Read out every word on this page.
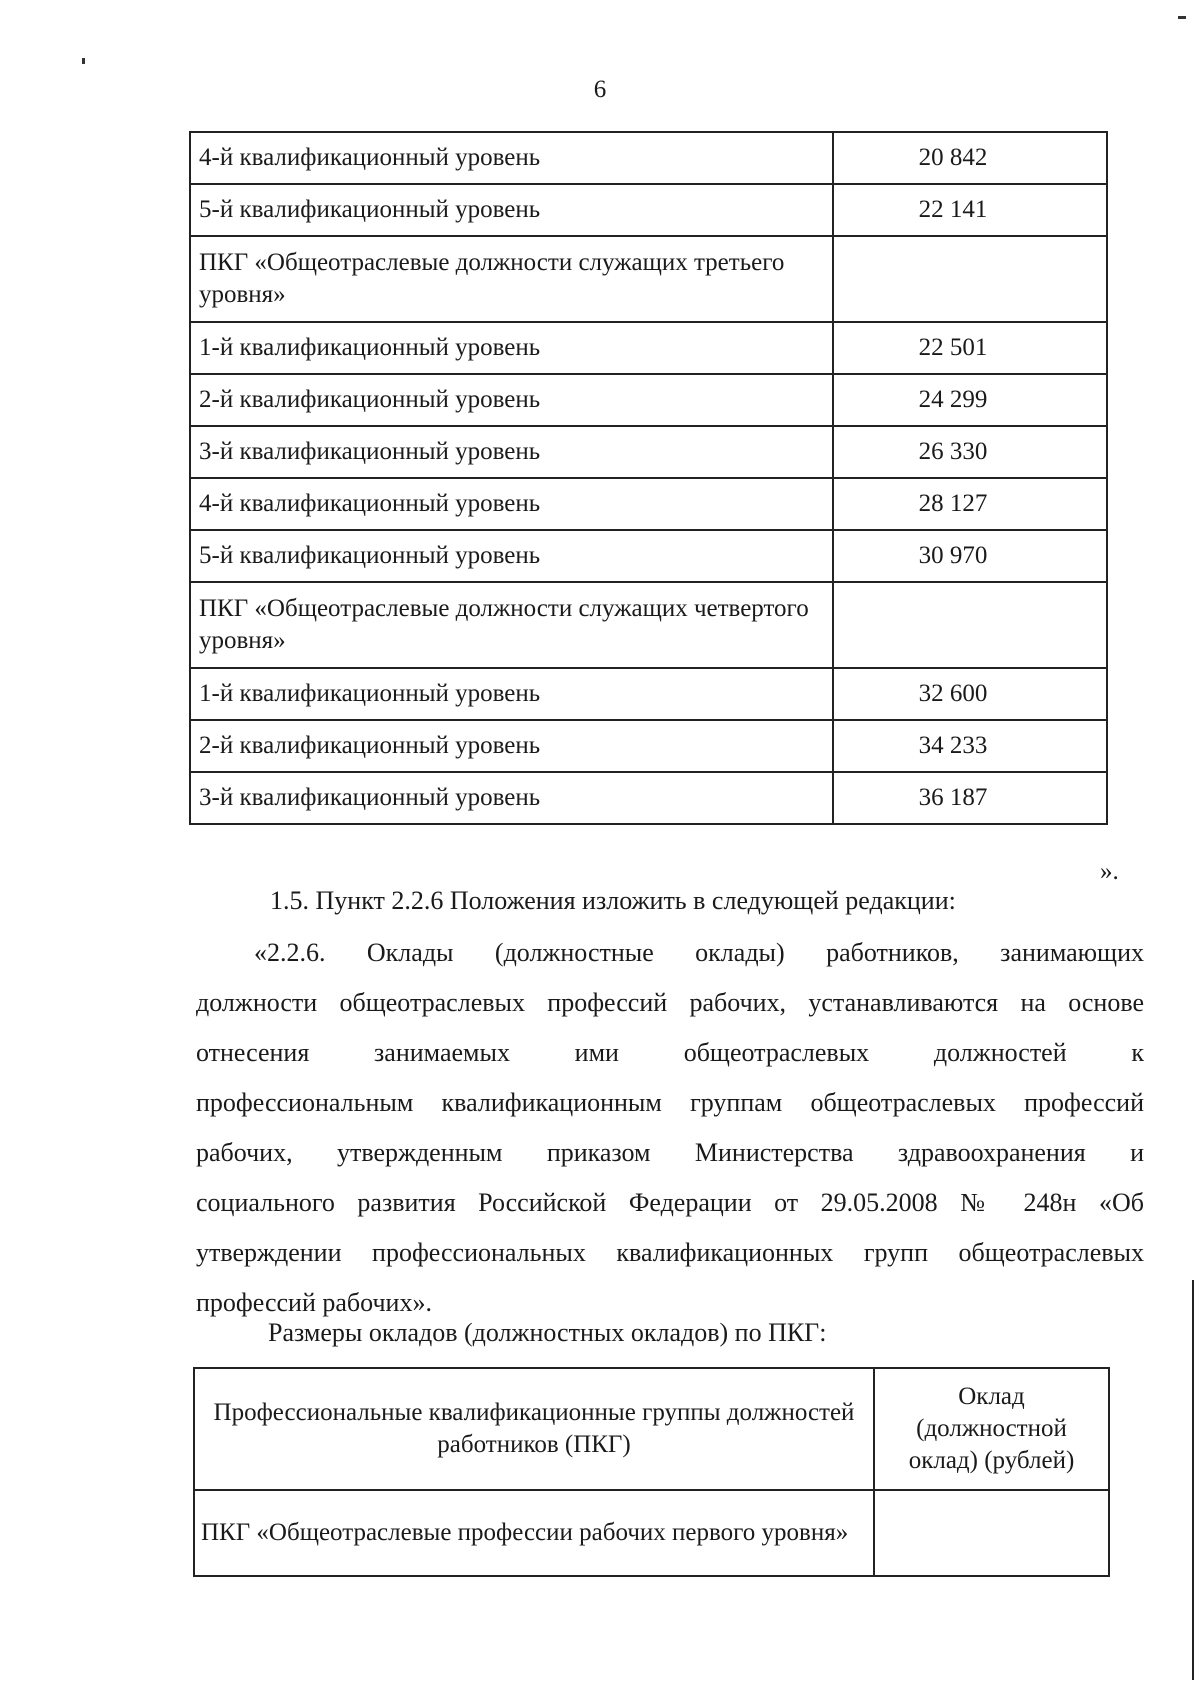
6
4-й квалификационный уровень	20 842
5-й квалификационный уровень	22 141
ПКГ «Общеотраслевые должности служащих третьего уровня»	
1-й квалификационный уровень	22 501
2-й квалификационный уровень	24 299
3-й квалификационный уровень	26 330
4-й квалификационный уровень	28 127
5-й квалификационный уровень	30 970
ПКГ «Общеотраслевые должности служащих четвертого уровня»	
1-й квалификационный уровень	32 600
2-й квалификационный уровень	34 233
3-й квалификационный уровень	36 187
».
1.5. Пункт 2.2.6 Положения изложить в следующей редакции:
«2.2.6. Оклады (должностные оклады) работников, занимающих
должности общеотраслевых профессий рабочих, устанавливаются на основе
отнесения занимаемых ими общеотраслевых должностей к
профессиональным квалификационным группам общеотраслевых профессий
рабочих, утвержденным приказом Министерства здравоохранения и
социального развития Российской Федерации от 29.05.2008 № 248н «Об
утверждении профессиональных квалификационных групп общеотраслевых
профессий рабочих».
Размеры окладов (должностных окладов) по ПКГ:
Профессиональные квалификационные группы должностей работников (ПКГ)	Оклад (должностной оклад) (рублей)
ПКГ «Общеотраслевые профессии рабочих первого уровня»	
